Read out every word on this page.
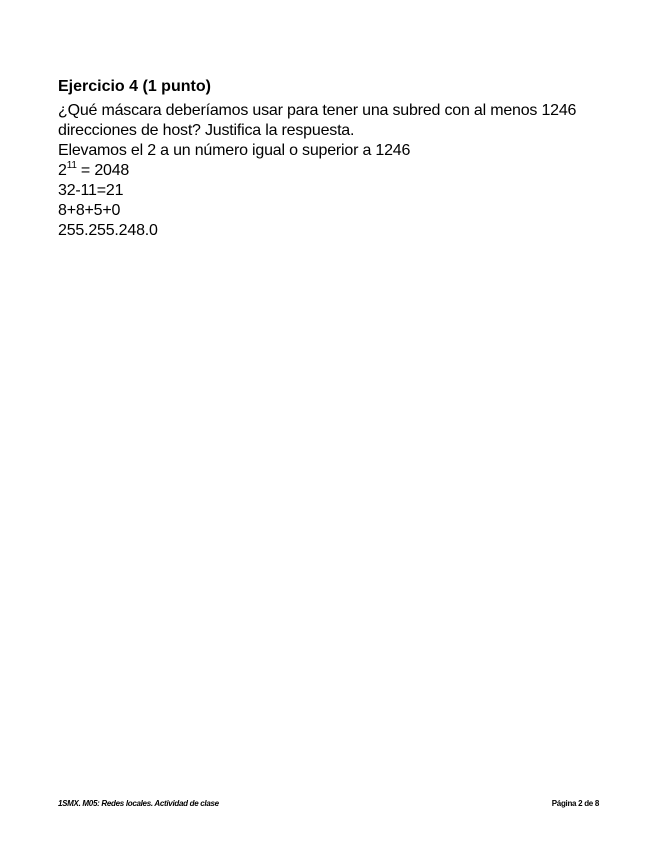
Ejercicio 4 (1 punto)

¿Qué máscara deberíamos usar para tener una subred con al menos 1246 direcciones de host? Justifica la respuesta.

Elevamos el 2 a un número igual o superior a 1246

$2^{11} = 2048$

32-11=21

8+8+5+0

255.255.248.0

1SMX. M05: Redes locales. Actividad de clase	Página 2 de 8
